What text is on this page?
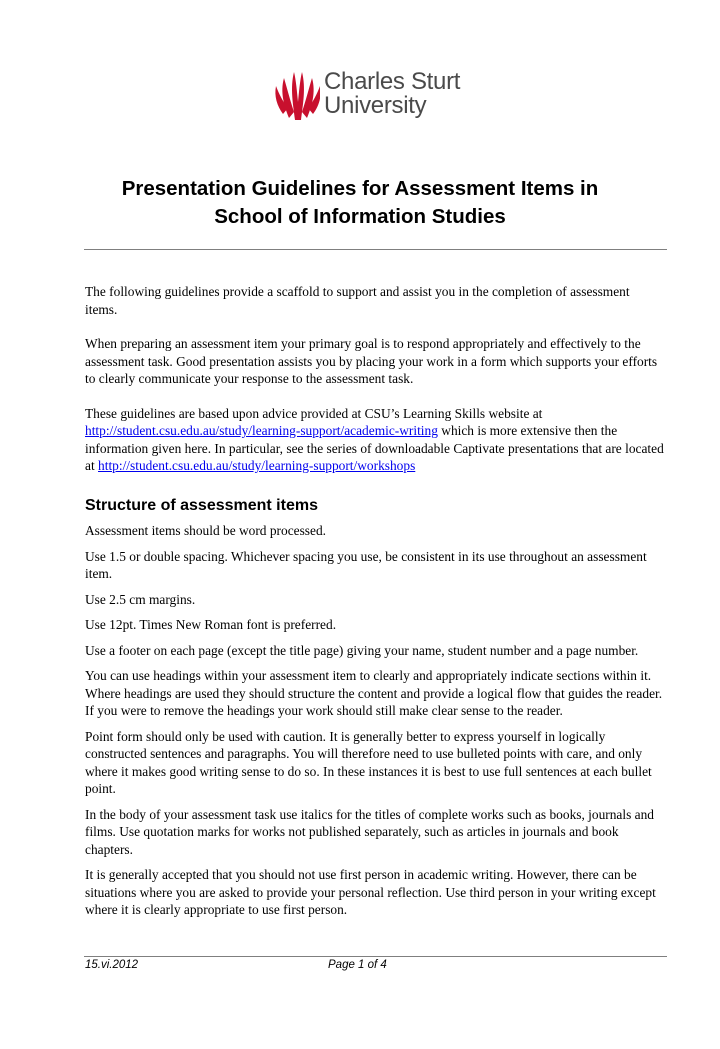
Charles Sturt
University
Presentation Guidelines for Assessment Items in
School of Information Studies

The following guidelines provide a scaffold to support and assist you in the completion of assessment items.

When preparing an assessment item your primary goal is to respond appropriately and effectively to the assessment task. Good presentation assists you by placing your work in a form which supports your efforts to clearly communicate your response to the assessment task.

These guidelines are based upon advice provided at CSU’s Learning Skills website at http://student.csu.edu.au/study/learning-support/academic-writing which is more extensive then the information given here. In particular, see the series of downloadable Captivate presentations that are located at http://student.csu.edu.au/study/learning-support/workshops

Structure of assessment items

Assessment items should be word processed.

Use 1.5 or double spacing. Whichever spacing you use, be consistent in its use throughout an assessment item.

Use 2.5 cm margins.

Use 12pt. Times New Roman font is preferred.

Use a footer on each page (except the title page) giving your name, student number and a page number.

You can use headings within your assessment item to clearly and appropriately indicate sections within it. Where headings are used they should structure the content and provide a logical flow that guides the reader. If you were to remove the headings your work should still make clear sense to the reader.

Point form should only be used with caution. It is generally better to express yourself in logically constructed sentences and paragraphs. You will therefore need to use bulleted points with care, and only where it makes good writing sense to do so. In these instances it is best to use full sentences at each bullet point.

In the body of your assessment task use italics for the titles of complete works such as books, journals and films. Use quotation marks for works not published separately, such as articles in journals and book chapters.

It is generally accepted that you should not use first person in academic writing. However, there can be situations where you are asked to provide your personal reflection. Use third person in your writing except where it is clearly appropriate to use first person.

15.vi.2012	Page 1 of 4
